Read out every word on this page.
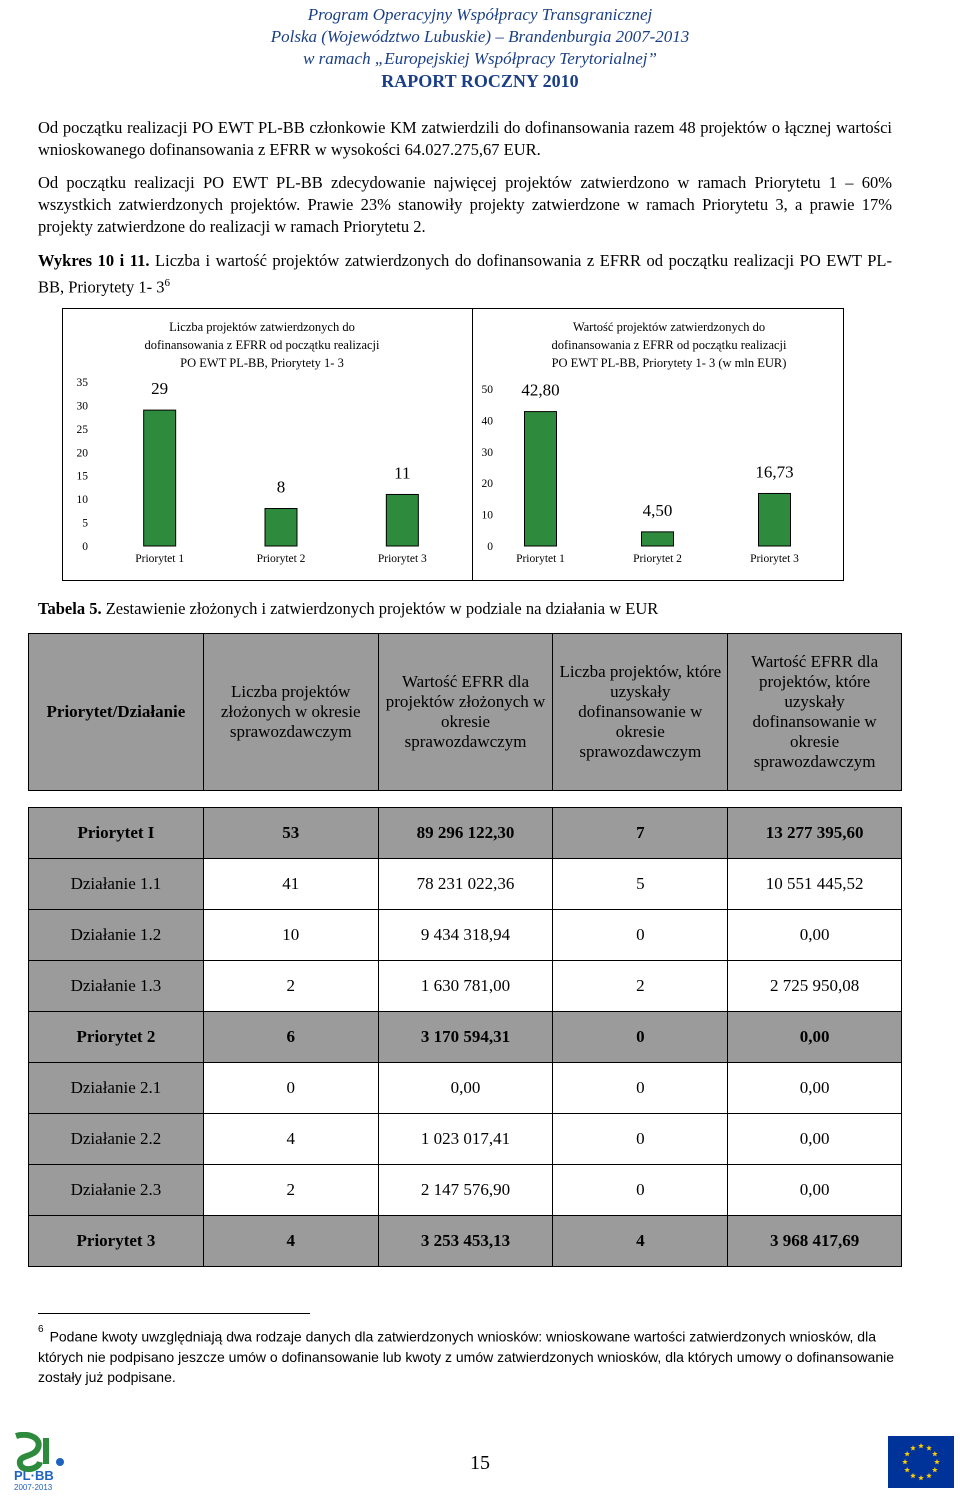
Program Operacyjny Współpracy Transgranicznej
Polska (Województwo Lubuskie) – Brandenburgia 2007-2013
w ramach „Europejskiej Współpracy Terytorialnej”
RAPORT ROCZNY 2010
Od początku realizacji PO EWT PL-BB członkowie KM zatwierdzili do dofinansowania razem 48 projektów o łącznej wartości wnioskowanego dofinansowania z EFRR w wysokości 64.027.275,67 EUR.
Od początku realizacji PO EWT PL-BB zdecydowanie najwięcej projektów zatwierdzono w ramach Priorytetu 1 – 60% wszystkich zatwierdzonych projektów. Prawie 23% stanowiły projekty zatwierdzone w ramach Priorytetu 3, a prawie 17% projekty zatwierdzone do realizacji w ramach Priorytetu 2.
Wykres 10 i 11. Liczba i wartość projektów zatwierdzonych do dofinansowania z EFRR od początku realizacji PO EWT PL-BB, Priorytety 1- $3^6$
Liczba projektów zatwierdzonych do
dofinansowania z EFRR od początku realizacji
PO EWT PL-BB, Priorytety 1- 3
0
5
10
15
20
25
30
35	29
Priorytet 1
8
Priorytet 2
11
Priorytet 3
Wartość projektów zatwierdzonych do
dofinansowania z EFRR od początku realizacji
PO EWT PL-BB, Priorytety 1- 3 (w mln EUR)
0
10
20
30
40
50 42,80
Priorytet 1
4,50
Priorytet 2
16,73
Priorytet 3
Tabela 5. Zestawienie złożonych i zatwierdzonych projektów w podziale na działania w EUR
Priorytet/Działanie	Liczba projektów złożonych w okresie sprawozdawczym	Wartość EFRR dla projektów złożonych w okresie sprawozdawczym	Liczba projektów, które uzyskały dofinansowanie w okresie sprawozdawczym	Wartość EFRR dla projektów, które uzyskały dofinansowanie w okresie sprawozdawczym

Priorytet I	53	89 296 122,30	7	13 277 395,60
Działanie 1.1	41	78 231 022,36	5	10 551 445,52
Działanie 1.2	10	9 434 318,94	0	0,00
Działanie 1.3	2	1 630 781,00	2	2 725 950,08
Priorytet 2	6	3 170 594,31	0	0,00
Działanie 2.1	0	0,00	0	0,00
Działanie 2.2	4	1 023 017,41	0	0,00
Działanie 2.3	2	2 147 576,90	0	0,00
Priorytet 3	4	3 253 453,13	4	3 968 417,69
$^6$ Podane kwoty uwzględniają dwa rodzaje danych dla zatwierdzonych wniosków: wnioskowane wartości zatwierdzonych wniosków, dla których nie podpisano jeszcze umów o dofinansowanie lub kwoty z umów zatwierdzonych wniosków, dla których umowy o dofinansowanie zostały już podpisane.
15
PL·BB
2007-2013
